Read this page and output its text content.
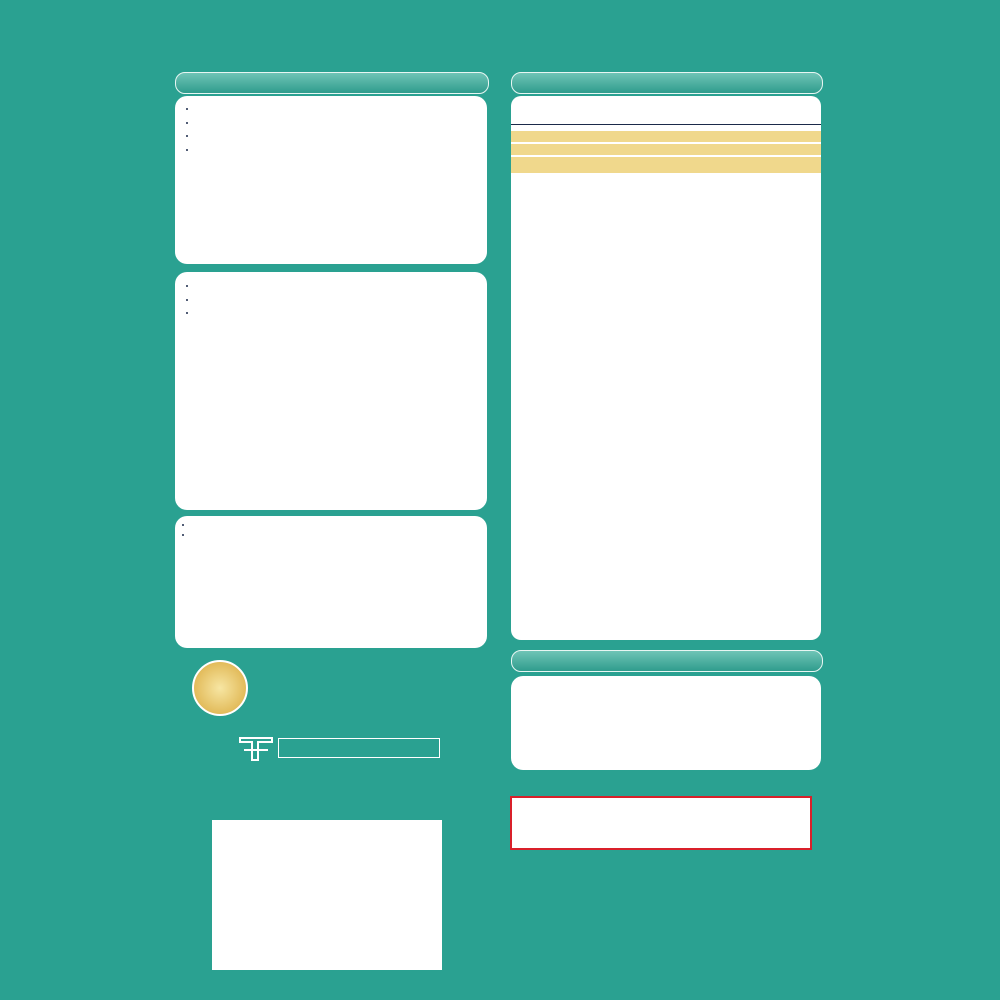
•
•
•
•
•
•
•
•
•
